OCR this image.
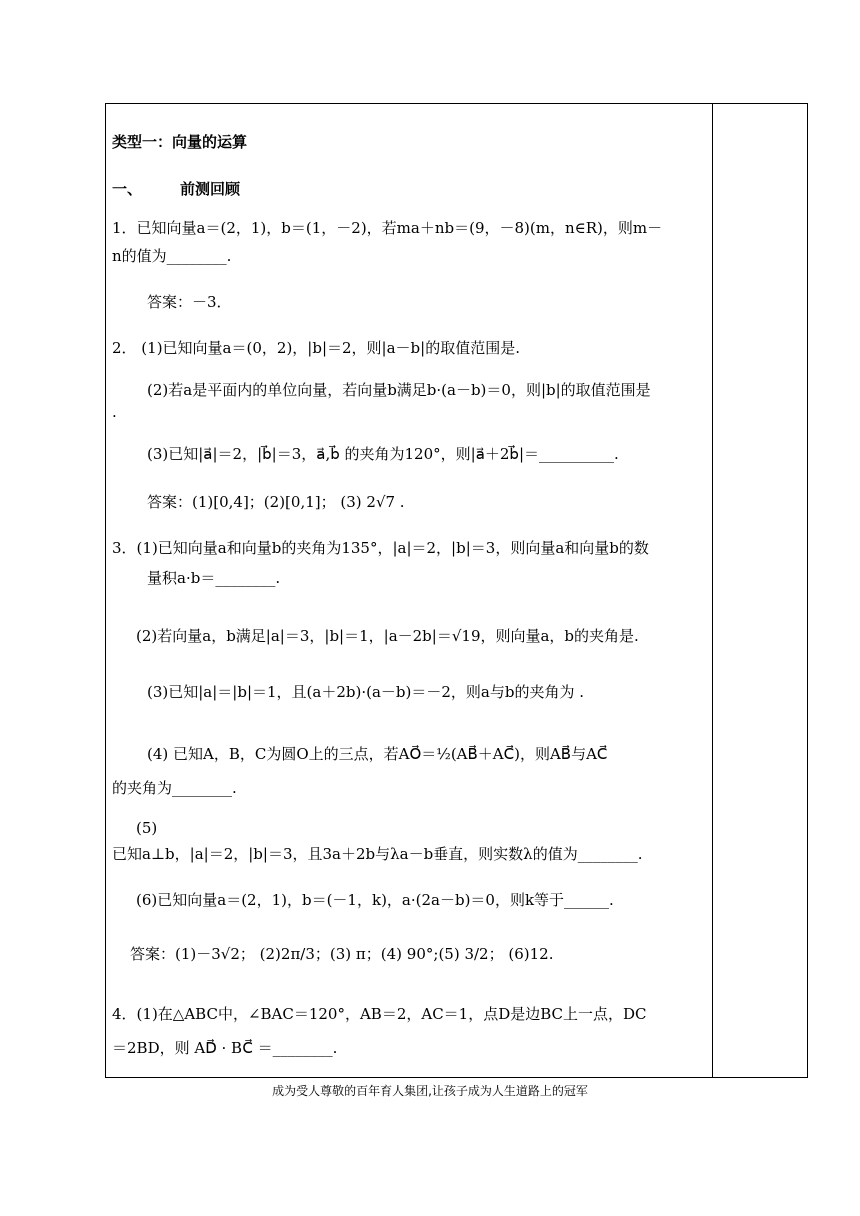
类型一：向量的运算
一、	前测回顾
1．已知向量a＝(2，1)，b＝(1，－2)，若ma＋nb＝(9，－8)(m，n∈R)，则m－
n的值为________.
答案：－3．
2． (1)已知向量a＝(0，2)，|b|＝2，则|a－b|的取值范围是.
(2)若a是平面内的单位向量，若向量b满足b·(a－b)＝0，则|b|的取值范围是
.
(3)已知|a⃗|＝2，|b⃗|＝3，a⃗,b⃗ 的夹角为120°，则|a⃗＋2b⃗|＝__________.
答案：(1)[0,4]；(2)[0,1]； (3) 2√7 .
3．(1)已知向量a和向量b的夹角为135°，|a|＝2，|b|＝3，则向量a和向量b的数
量积a·b＝________.
(2)若向量a，b满足|a|＝3，|b|＝1，|a－2b|＝√19，则向量a，b的夹角是.
(3)已知|a|＝|b|＝1，且(a＋2b)·(a－b)＝－2，则a与b的夹角为 .
(4) 已知A，B，C为圆O上的三点，若AO⃗＝½(AB⃗＋AC⃗)，则AB⃗与AC⃗
的夹角为________.
(5)
已知a⊥b，|a|＝2，|b|＝3，且3a＋2b与λa－b垂直，则实数λ的值为________.
(6)已知向量a＝(2，1)，b＝(－1，k)，a·(2a－b)＝0，则k等于______.
答案：(1)－3√2； (2)2π/3；(3) π；(4) 90°;(5) 3/2； (6)12.
4．(1)在△ABC中，∠BAC＝120°，AB＝2，AC＝1，点D是边BC上一点，DC
＝2BD，则 AD⃗ · BC⃗ ＝________.
成为受人尊敬的百年育人集团,让孩子成为人生道路上的冠军
